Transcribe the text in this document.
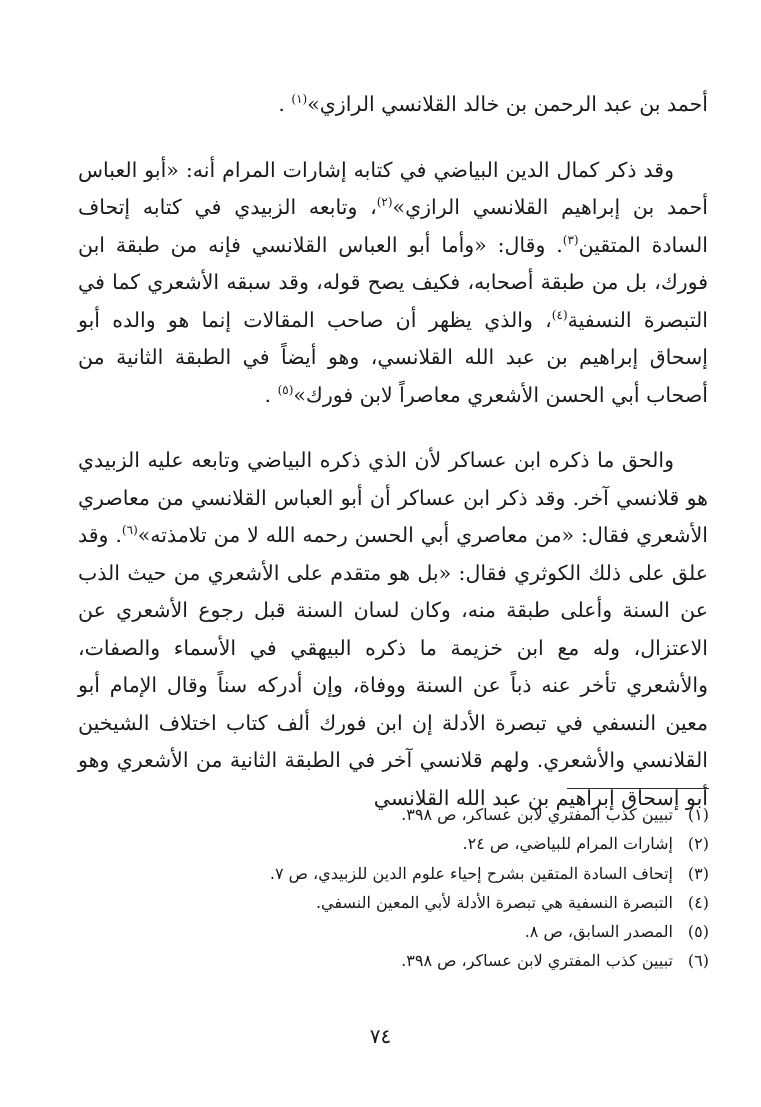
أحمد بن عبد الرحمن بن خالد القلانسي الرازي»$^{(١)}$ .

وقد ذكر كمال الدين البياضي في كتابه إشارات المرام أنه: «أبو العباس أحمد بن إبراهيم القلانسي الرازي»$^{(٢)}$، وتابعه الزبيدي في كتابه إتحاف السادة المتقين$^{(٣)}$. وقال: «وأما أبو العباس القلانسي فإنه من طبقة ابن فورك، بل من طبقة أصحابه، فكيف يصح قوله، وقد سبقه الأشعري كما في التبصرة النسفية$^{(٤)}$، والذي يظهر أن صاحب المقالات إنما هو والده أبو إسحاق إبراهيم بن عبد الله القلانسي، وهو أيضاً في الطبقة الثانية من أصحاب أبي الحسن الأشعري معاصراً لابن فورك»$^{(٥)}$ .

والحق ما ذكره ابن عساكر لأن الذي ذكره البياضي وتابعه عليه الزبيدي هو قلانسي آخر. وقد ذكر ابن عساكر أن أبو العباس القلانسي من معاصري الأشعري فقال: «من معاصري أبي الحسن رحمه الله لا من تلامذته»$^{(٦)}$. وقد علق على ذلك الكوثري فقال: «بل هو متقدم على الأشعري من حيث الذب عن السنة وأعلى طبقة منه، وكان لسان السنة قبل رجوع الأشعري عن الاعتزال، وله مع ابن خزيمة ما ذكره البيهقي في الأسماء والصفات، والأشعري تأخر عنه ذباً عن السنة ووفاة، وإن أدركه سناً وقال الإمام أبو معين النسفي في تبصرة الأدلة إن ابن فورك ألف كتاب اختلاف الشيخين القلانسي والأشعري. ولهم قلانسي آخر في الطبقة الثانية من الأشعري وهو أبو إسحاق إبراهيم بن عبد الله القلانسي

(١)تبيين كذب المفتري لابن عساكر، ص ٣٩٨.
(٢)إشارات المرام للبياضي، ص ٢٤.
(٣)إتحاف السادة المتقين بشرح إحياء علوم الدين للزبيدي، ص ٧.
(٤)التبصرة النسفية هي تبصرة الأدلة لأبي المعين النسفي.
(٥)المصدر السابق، ص ٨.
(٦)تبيين كذب المفتري لابن عساكر، ص ٣٩٨.
٧٤
